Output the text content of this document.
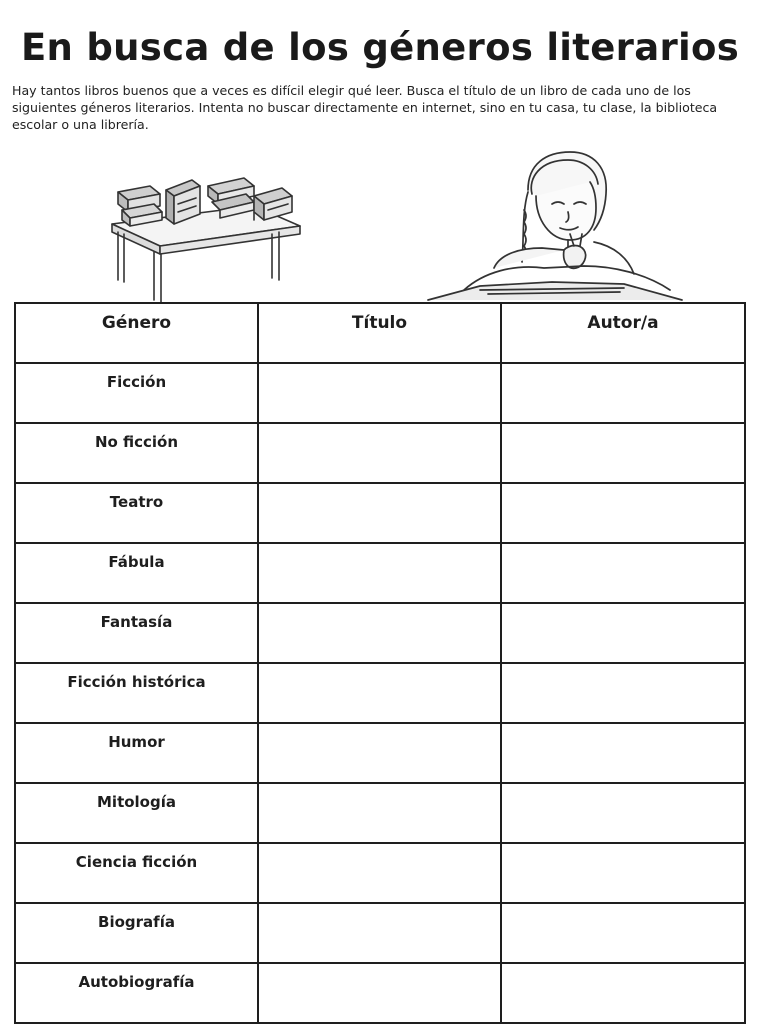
En busca de los géneros literarios

Hay tantos libros buenos que a veces es difícil elegir qué leer. Busca el título de un libro de cada uno de los siguientes géneros literarios. Intenta no buscar directamente en internet, sino en tu casa, tu clase, la biblioteca escolar o una librería.

Género	Título	Autor/a
Ficción		
No ficción		
Teatro		
Fábula		
Fantasía		
Ficción histórica		
Humor		
Mitología		
Ciencia ficción		
Biografía		
Autobiografía		
